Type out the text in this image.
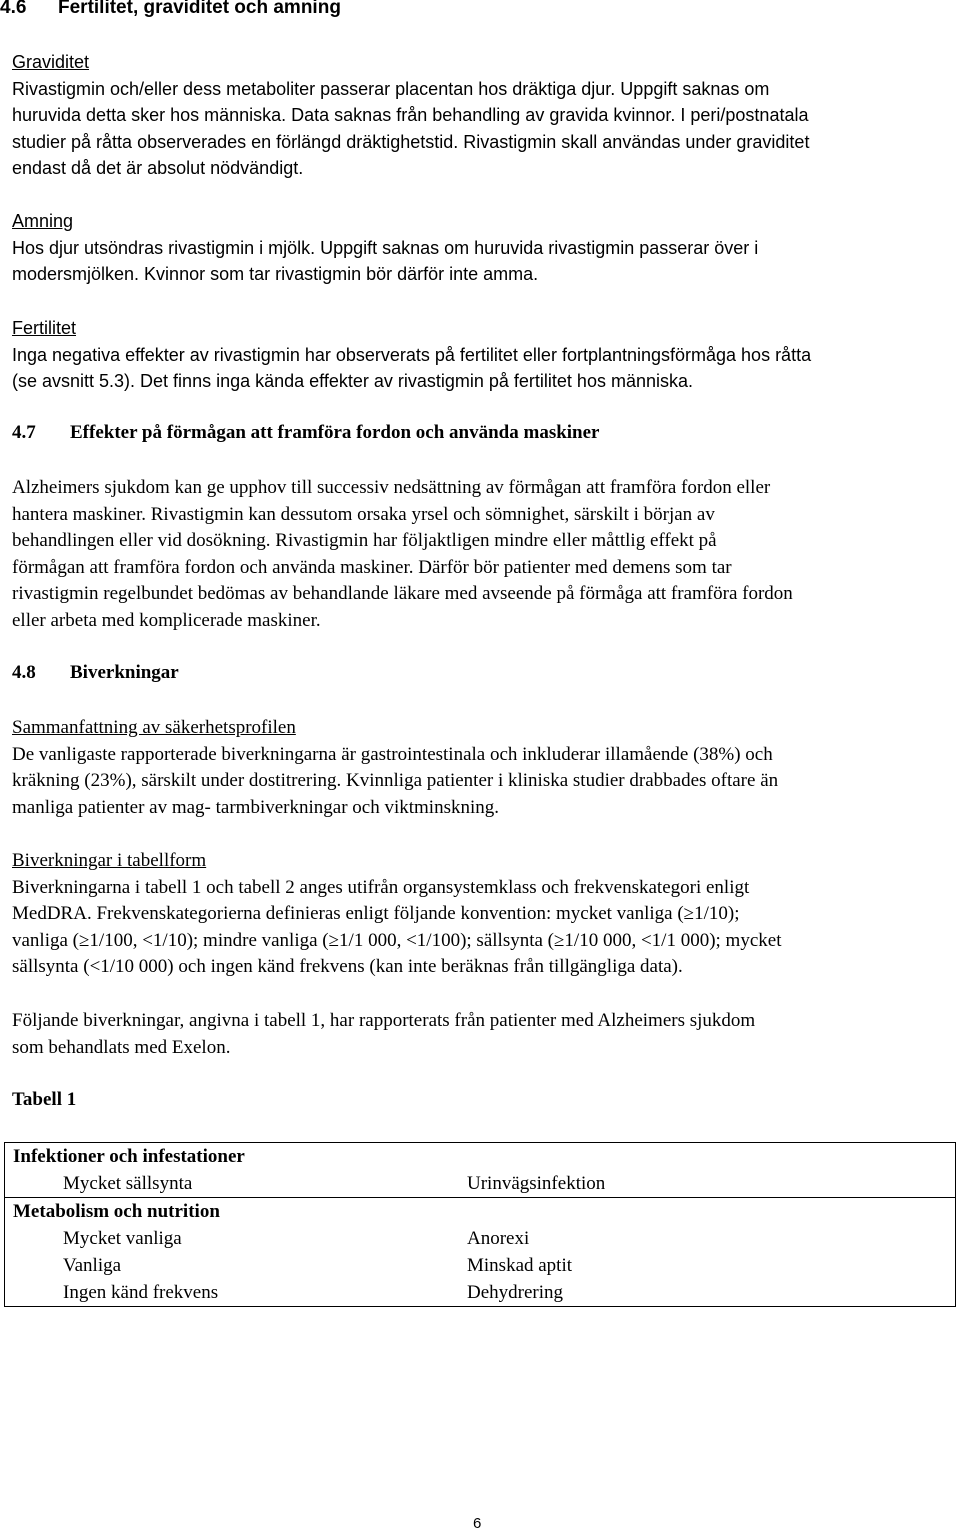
4.6 Fertilitet, graviditet och amning

Graviditet
Rivastigmin och/eller dess metaboliter passerar placentan hos dräktiga djur. Uppgift saknas om
huruvida detta sker hos människa. Data saknas från behandling av gravida kvinnor. I peri/postnatala
studier på råtta observerades en förlängd dräktighetstid. Rivastigmin skall användas under graviditet
endast då det är absolut nödvändigt.

Amning
Hos djur utsöndras rivastigmin i mjölk. Uppgift saknas om huruvida rivastigmin passerar över i
modersmjölken. Kvinnor som tar rivastigmin bör därför inte amma.

Fertilitet
Inga negativa effekter av rivastigmin har observerats på fertilitet eller fortplantningsförmåga hos råtta
(se avsnitt 5.3). Det finns inga kända effekter av rivastigmin på fertilitet hos människa.

4.7 Effekter på förmågan att framföra fordon och använda maskiner

Alzheimers sjukdom kan ge upphov till successiv nedsättning av förmågan att framföra fordon eller
hantera maskiner. Rivastigmin kan dessutom orsaka yrsel och sömnighet, särskilt i början av
behandlingen eller vid dosökning. Rivastigmin har följaktligen mindre eller måttlig effekt på
förmågan att framföra fordon och använda maskiner. Därför bör patienter med demens som tar
rivastigmin regelbundet bedömas av behandlande läkare med avseende på förmåga att framföra fordon
eller arbeta med komplicerade maskiner.

4.8 Biverkningar

Sammanfattning av säkerhetsprofilen
De vanligaste rapporterade biverkningarna är gastrointestinala och inkluderar illamående (38%) och
kräkning (23%), särskilt under dostitrering. Kvinnliga patienter i kliniska studier drabbades oftare än
manliga patienter av mag- tarmbiverkningar och viktminskning.

Biverkningar i tabellform
Biverkningarna i tabell 1 och tabell 2 anges utifrån organsystemklass och frekvenskategori enligt
MedDRA. Frekvenskategorierna definieras enligt följande konvention: mycket vanliga (≥1/10);
vanliga (≥1/100, <1/10); mindre vanliga (≥1/1 000, <1/100); sällsynta (≥1/10 000, <1/1 000); mycket
sällsynta (<1/10 000) och ingen känd frekvens (kan inte beräknas från tillgängliga data).

Följande biverkningar, angivna i tabell 1, har rapporterats från patienter med Alzheimers sjukdom
som behandlats med Exelon.

Tabell 1
Infektioner och infestationer	
Mycket sällsynta	Urinvägsinfektion
Metabolism och nutrition	
Mycket vanliga	Anorexi
Vanliga	Minskad aptit
Ingen känd frekvens	Dehydrering
6
